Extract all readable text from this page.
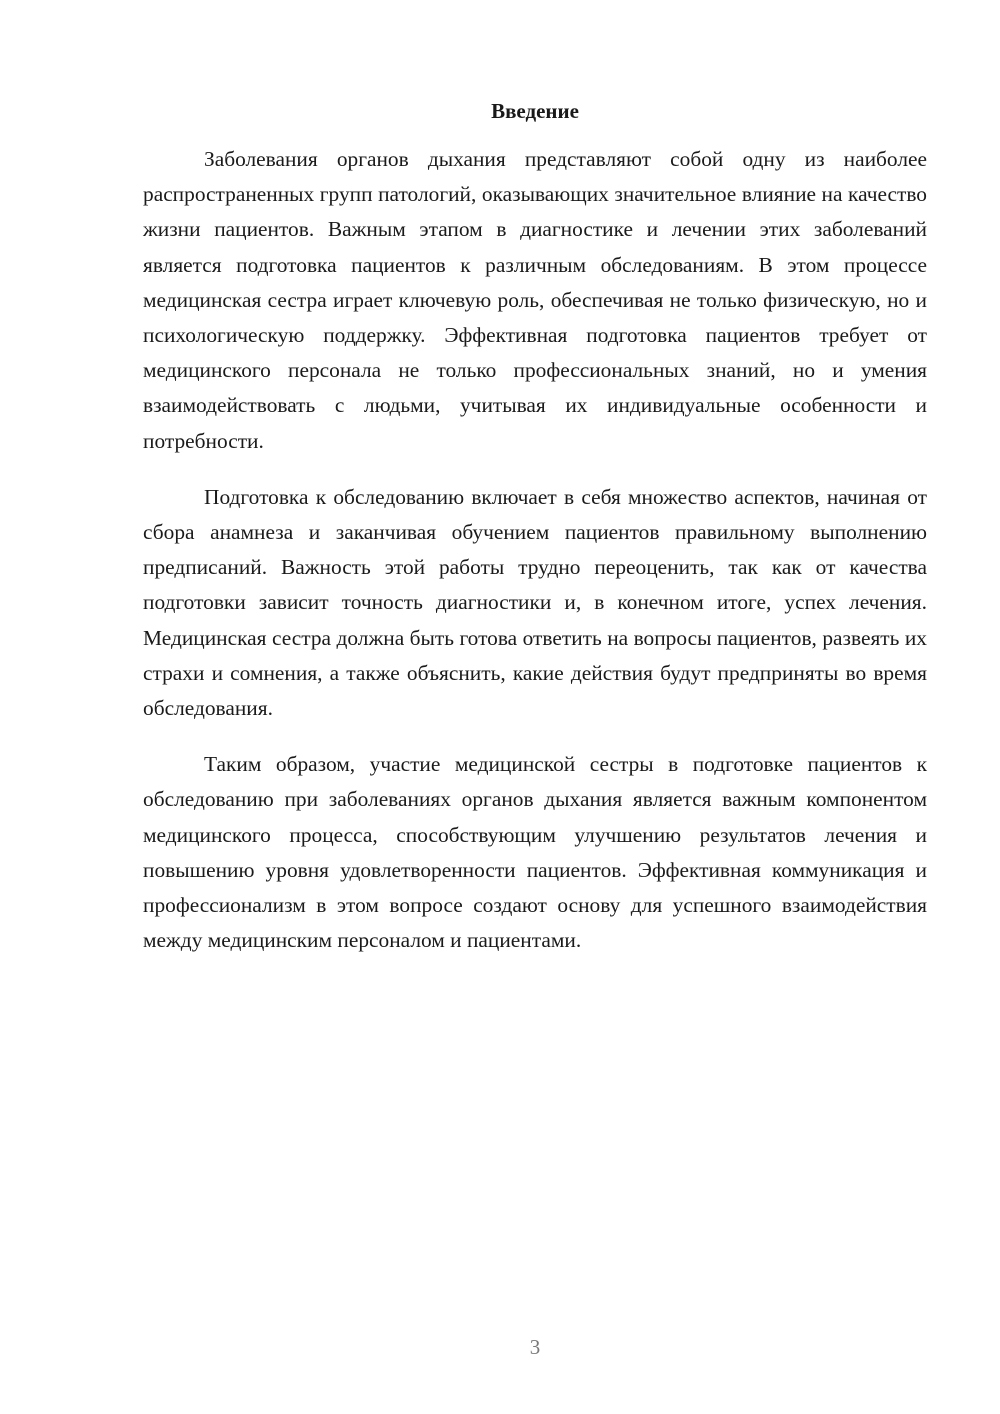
Введение

Заболевания органов дыхания представляют собой одну из наиболее распространенных групп патологий, оказывающих значительное влияние на качество жизни пациентов. Важным этапом в диагностике и лечении этих заболеваний является подготовка пациентов к различным обследованиям. В этом процессе медицинская сестра играет ключевую роль, обеспечивая не только физическую, но и психологическую поддержку. Эффективная подготовка пациентов требует от медицинского персонала не только профессиональных знаний, но и умения взаимодействовать с людьми, учитывая их индивидуальные особенности и потребности.

Подготовка к обследованию включает в себя множество аспектов, начиная от сбора анамнеза и заканчивая обучением пациентов правильному выполнению предписаний. Важность этой работы трудно переоценить, так как от качества подготовки зависит точность диагностики и, в конечном итоге, успех лечения. Медицинская сестра должна быть готова ответить на вопросы пациентов, развеять их страхи и сомнения, а также объяснить, какие действия будут предприняты во время обследования.

Таким образом, участие медицинской сестры в подготовке пациентов к обследованию при заболеваниях органов дыхания является важным компонентом медицинского процесса, способствующим улучшению результатов лечения и повышению уровня удовлетворенности пациентов. Эффективная коммуникация и профессионализм в этом вопросе создают основу для успешного взаимодействия между медицинским персоналом и пациентами.

3
